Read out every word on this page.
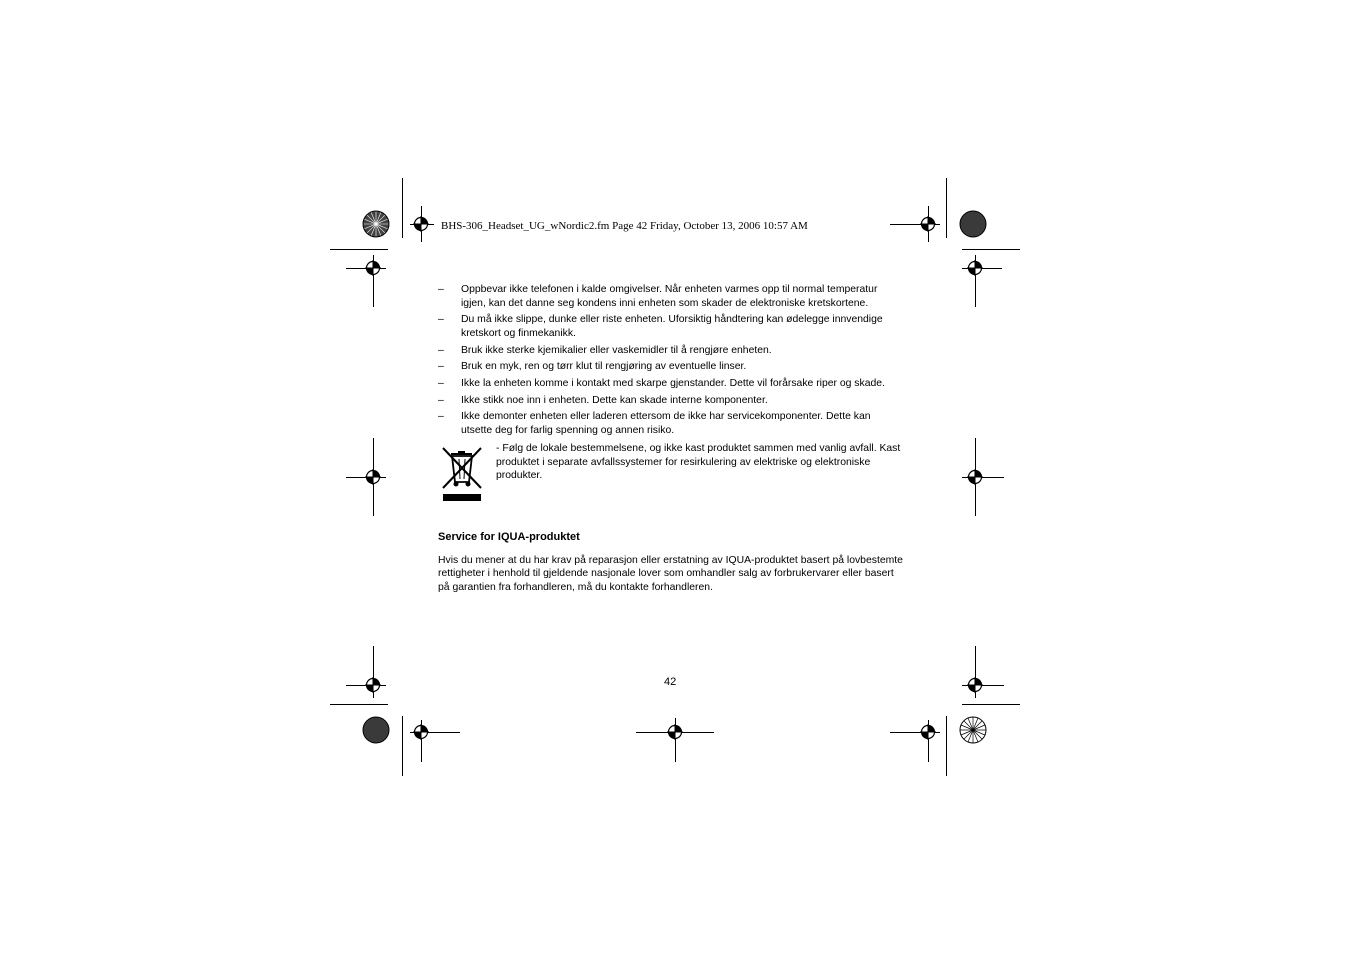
BHS-306_Headset_UG_wNordic2.fm Page 42 Friday, October 13, 2006 10:57 AM
– Oppbevar ikke telefonen i kalde omgivelser. Når enheten varmes opp til normal temperatur igjen, kan det danne seg kondens inni enheten som skader de elektroniske kretskortene.
– Du må ikke slippe, dunke eller riste enheten. Uforsiktig håndtering kan ødelegge innvendige kretskort og finmekanikk.
– Bruk ikke sterke kjemikalier eller vaskemidler til å rengjøre enheten.
– Bruk en myk, ren og tørr klut til rengjøring av eventuelle linser.
– Ikke la enheten komme i kontakt med skarpe gjenstander. Dette vil forårsake riper og skade.
– Ikke stikk noe inn i enheten. Dette kan skade interne komponenter.
– Ikke demonter enheten eller laderen ettersom de ikke har servicekomponenter. Dette kan utsette deg for farlig spenning og annen risiko.
- Følg de lokale bestemmelsene, og ikke kast produktet sammen med vanlig avfall. Kast produktet i separate avfallssystemer for resirkulering av elektriske og elektroniske produkter.
Service for IQUA-produktet
Hvis du mener at du har krav på reparasjon eller erstatning av IQUA-produktet basert på lovbestemte rettigheter i henhold til gjeldende nasjonale lover som omhandler salg av forbrukervarer eller basert på garantien fra forhandleren, må du kontakte forhandleren.
42
